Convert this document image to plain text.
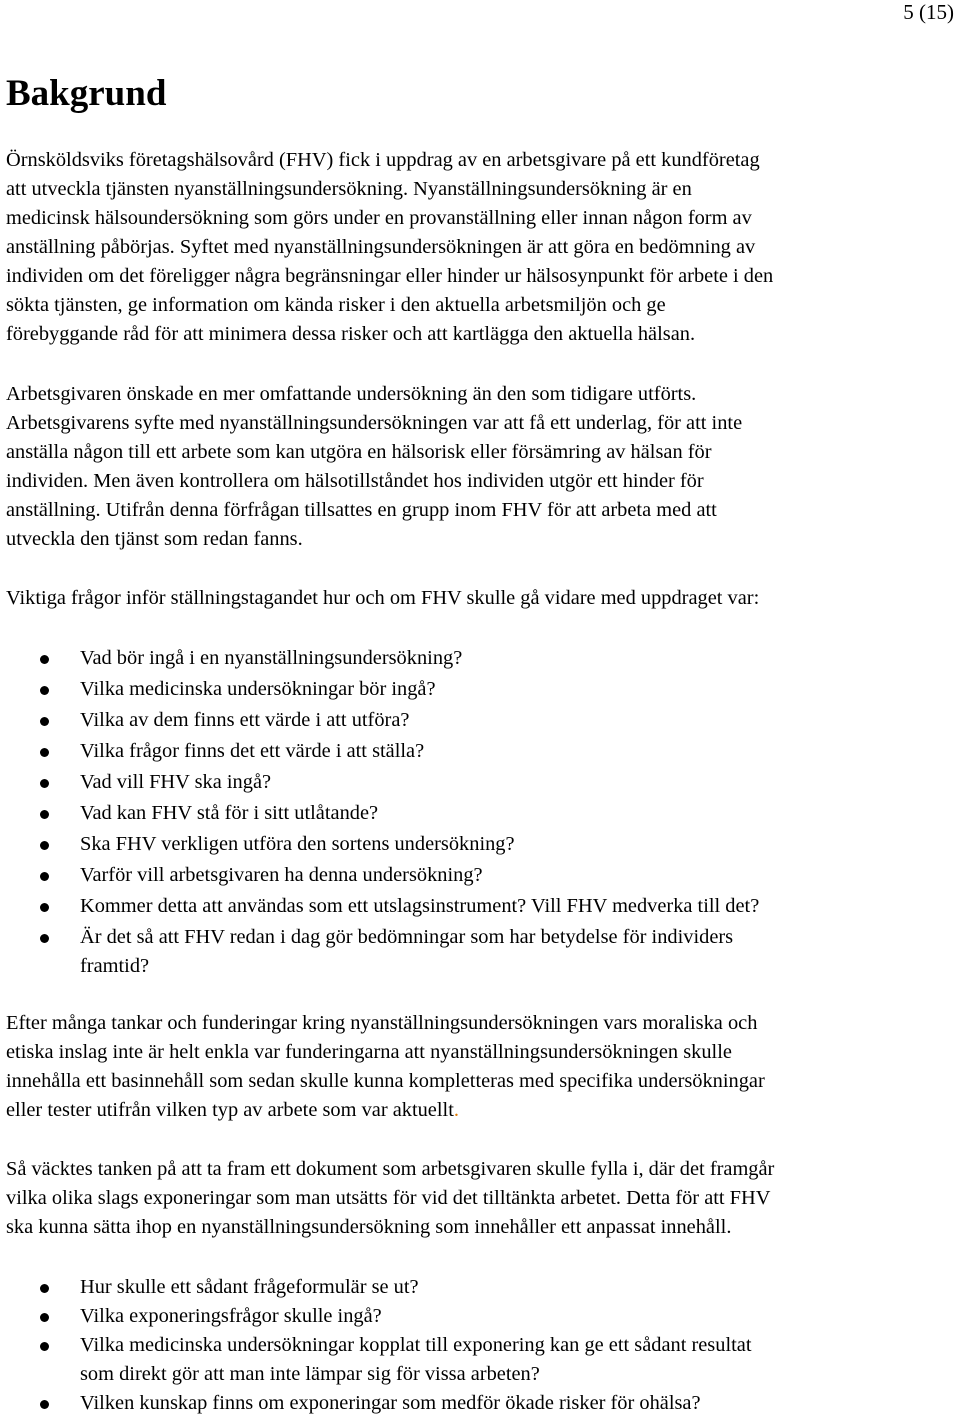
5 (15)
Bakgrund

Örnsköldsviks företagshälsovård (FHV) fick i uppdrag av en arbetsgivare på ett kundföretag
att utveckla tjänsten nyanställningsundersökning. Nyanställningsundersökning är en
medicinsk hälsoundersökning som görs under en provanställning eller innan någon form av
anställning påbörjas. Syftet med nyanställningsundersökningen är att göra en bedömning av
individen om det föreligger några begränsningar eller hinder ur hälsosynpunkt för arbete i den
sökta tjänsten, ge information om kända risker i den aktuella arbetsmiljön och ge
förebyggande råd för att minimera dessa risker och att kartlägga den aktuella hälsan.

Arbetsgivaren önskade en mer omfattande undersökning än den som tidigare utförts.
Arbetsgivarens syfte med nyanställningsundersökningen var att få ett underlag, för att inte
anställa någon till ett arbete som kan utgöra en hälsorisk eller försämring av hälsan för
individen. Men även kontrollera om hälsotillståndet hos individen utgör ett hinder för
anställning. Utifrån denna förfrågan tillsattes en grupp inom FHV för att arbeta med att
utveckla den tjänst som redan fanns.

Viktiga frågor inför ställningstagandet hur och om FHV skulle gå vidare med uppdraget var:

Vad bör ingå i en nyanställningsundersökning?
Vilka medicinska undersökningar bör ingå?
Vilka av dem finns ett värde i att utföra?
Vilka frågor finns det ett värde i att ställa?
Vad vill FHV ska ingå?
Vad kan FHV stå för i sitt utlåtande?
Ska FHV verkligen utföra den sortens undersökning?
Varför vill arbetsgivaren ha denna undersökning?
Kommer detta att användas som ett utslagsinstrument? Vill FHV medverka till det?
Är det så att FHV redan i dag gör bedömningar som har betydelse för individers
framtid?

Efter många tankar och funderingar kring nyanställningsundersökningen vars moraliska och
etiska inslag inte är helt enkla var funderingarna att nyanställningsundersökningen skulle
innehålla ett basinnehåll som sedan skulle kunna kompletteras med specifika undersökningar
eller tester utifrån vilken typ av arbete som var aktuellt.

Så väcktes tanken på att ta fram ett dokument som arbetsgivaren skulle fylla i, där det framgår
vilka olika slags exponeringar som man utsätts för vid det tilltänkta arbetet. Detta för att FHV
ska kunna sätta ihop en nyanställningsundersökning som innehåller ett anpassat innehåll.

Hur skulle ett sådant frågeformulär se ut?
Vilka exponeringsfrågor skulle ingå?
Vilka medicinska undersökningar kopplat till exponering kan ge ett sådant resultat
som direkt gör att man inte lämpar sig för vissa arbeten?
Vilken kunskap finns om exponeringar som medför ökade risker för ohälsa?
